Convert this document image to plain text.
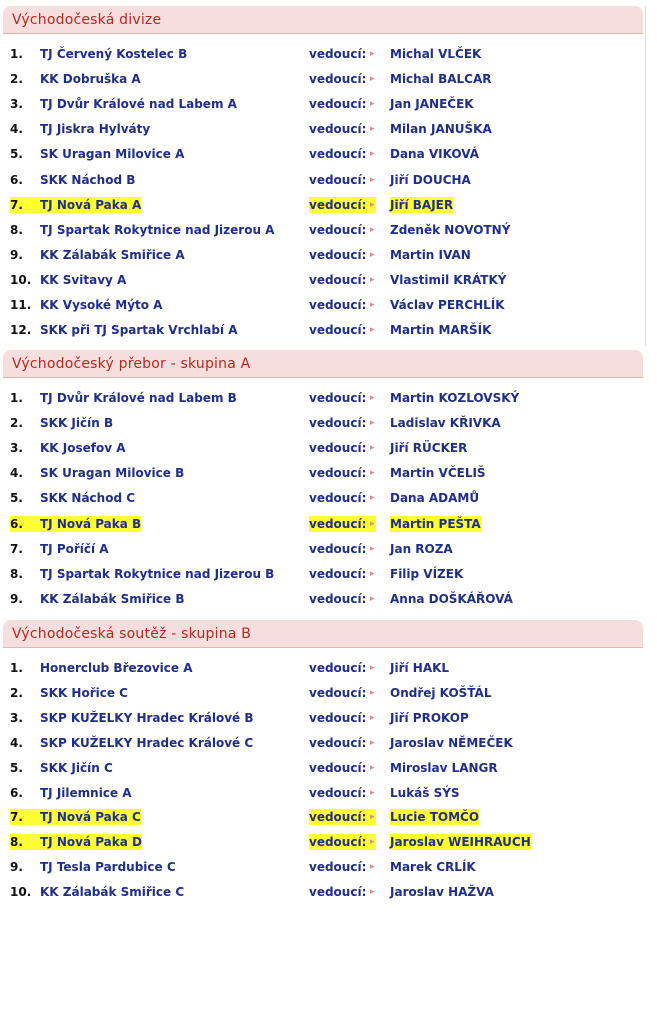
Východočeská divize
1. TJ Červený Kostelec B	vedoucí: ▸ Michal VLČEK
2. KK Dobruška A	vedoucí: ▸ Michal BALCAR
3. TJ Dvůr Králové nad Labem A	vedoucí: ▸ Jan JANEČEK
4. TJ Jiskra Hylváty	vedoucí: ▸ Milan JANUŠKA
5. SK Uragan Milovice A	vedoucí: ▸ Dana VIKOVÁ
6. SKK Náchod B	vedoucí: ▸ Jiří DOUCHA
7.	TJ Nová Paka A	vedoucí: ▸ Jiří BAJER
8. TJ Spartak Rokytnice nad Jizerou A	vedoucí: ▸ Zdeněk NOVOTNÝ
9. KK Zálabák Smiřice A	vedoucí: ▸ Martin IVAN
10. KK Svitavy A	vedoucí: ▸ Vlastimil KRÁTKÝ
11. KK Vysoké Mýto A	vedoucí: ▸ Václav PERCHLÍK
12. SKK při TJ Spartak Vrchlabí A	vedoucí: ▸ Martin MARŠÍK
Východočeský přebor - skupina A
1. TJ Dvůr Králové nad Labem B	vedoucí: ▸ Martin KOZLOVSKÝ
2. SKK Jičín B	vedoucí: ▸ Ladislav KŘIVKA
3. KK Josefov A	vedoucí: ▸ Jiří RÜCKER
4. SK Uragan Milovice B	vedoucí: ▸ Martin VČELIŠ
5. SKK Náchod C	vedoucí: ▸ Dana ADAMŮ
6.	TJ Nová Paka B	vedoucí: ▸ Martin PEŠTA
7. TJ Poříčí A	vedoucí: ▸ Jan ROZA
8. TJ Spartak Rokytnice nad Jizerou B	vedoucí: ▸ Filip VÍZEK
9. KK Zálabák Smiřice B	vedoucí: ▸ Anna DOŠKÁŘOVÁ
Východočeská soutěž - skupina B
1. Honerclub Březovice A	vedoucí: ▸ Jiří HAKL
2. SKK Hořice C	vedoucí: ▸ Ondřej KOŠŤÁL
3. SKP KUŽELKY Hradec Králové B	vedoucí: ▸ Jiří PROKOP
4. SKP KUŽELKY Hradec Králové C	vedoucí: ▸ Jaroslav NĚMEČEK
5. SKK Jičín C	vedoucí: ▸ Miroslav LANGR
6. TJ Jilemnice A	vedoucí: ▸ Lukáš SÝS
7.	TJ Nová Paka C	vedoucí: ▸ Lucie TOMČO
8.	TJ Nová Paka D	vedoucí: ▸ Jaroslav WEIHRAUCH
9. TJ Tesla Pardubice C	vedoucí: ▸ Marek CRLÍK
10. KK Zálabák Smiřice C	vedoucí: ▸ Jaroslav HAŽVA
